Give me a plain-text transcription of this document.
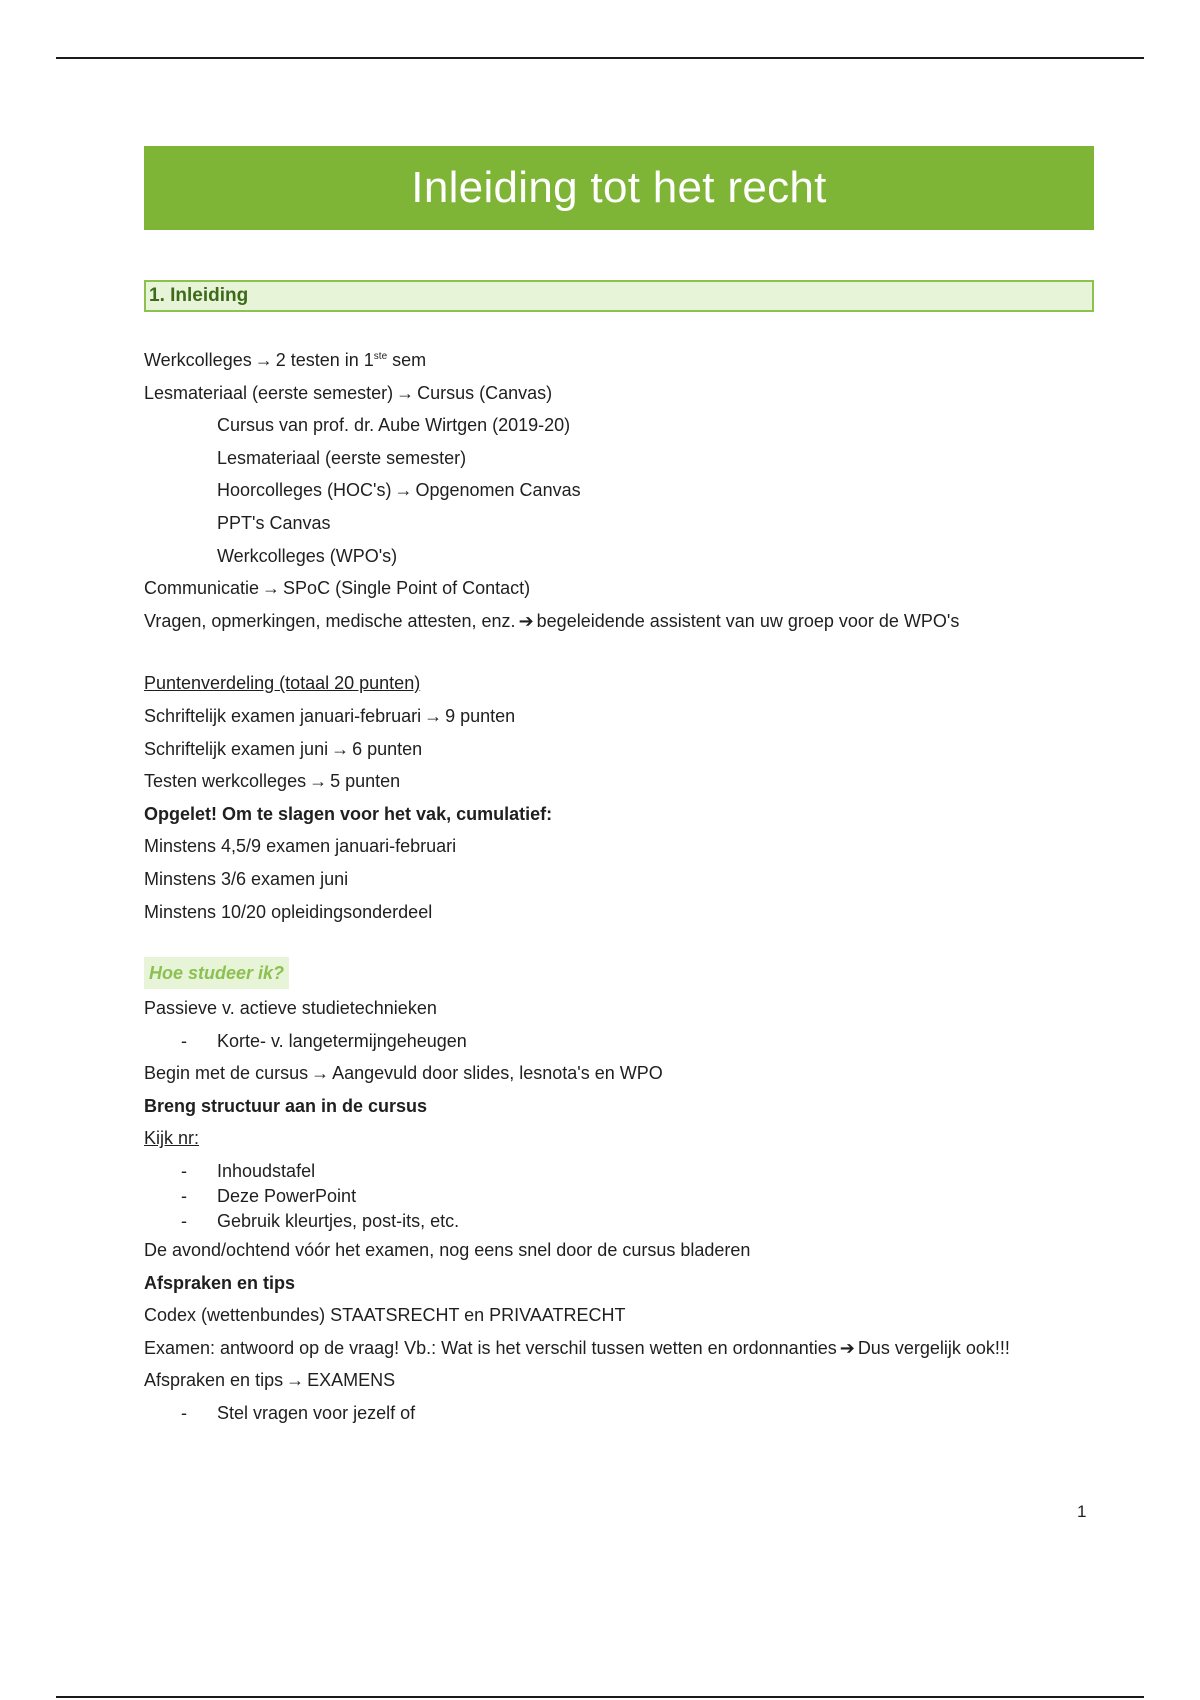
Inleiding tot het recht
1. Inleiding
Werkcolleges → 2 testen in 1ste sem
Lesmateriaal (eerste semester) → Cursus (Canvas)
Cursus van prof. dr. Aube Wirtgen (2019-20)
Lesmateriaal (eerste semester)
Hoorcolleges (HOC's) → Opgenomen Canvas
PPT's Canvas
Werkcolleges (WPO's)
Communicatie → SPoC (Single Point of Contact)
Vragen, opmerkingen, medische attesten, enz. ➔ begeleidende assistent van uw groep voor de WPO's
Puntenverdeling (totaal 20 punten)
Schriftelijk examen januari-februari → 9 punten
Schriftelijk examen juni → 6 punten
Testen werkcolleges → 5 punten
Opgelet! Om te slagen voor het vak, cumulatief:
Minstens 4,5/9 examen januari-februari
Minstens 3/6 examen juni
Minstens 10/20 opleidingsonderdeel
Hoe studeer ik?
Passieve v. actieve studietechnieken
- Korte- v. langetermijngeheugen
Begin met de cursus → Aangevuld door slides, lesnota's en WPO
Breng structuur aan in de cursus
Kijk nr:
- Inhoudstafel
- Deze PowerPoint
- Gebruik kleurtjes, post-its, etc.
De avond/ochtend vóór het examen, nog eens snel door de cursus bladeren
Afspraken en tips
Codex (wettenbundes) STAATSRECHT en PRIVAATRECHT
Examen: antwoord op de vraag! Vb.: Wat is het verschil tussen wetten en ordonnanties ➔ Dus vergelijk ook!!!
Afspraken en tips → EXAMENS
- Stel vragen voor jezelf of
1
